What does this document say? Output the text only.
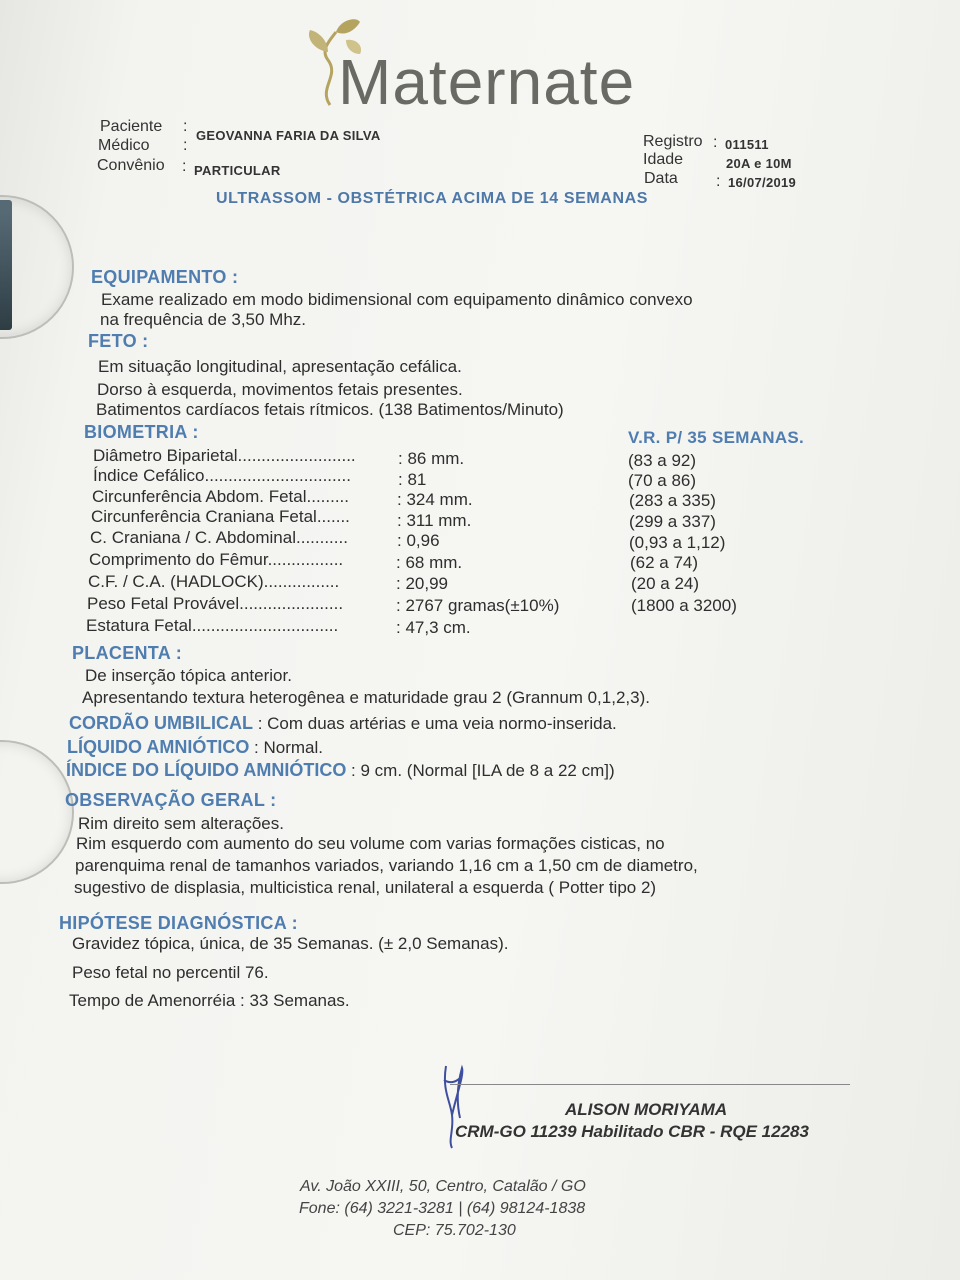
Maternate
Paciente :
GEOVANNA FARIA DA SILVA
Médico :
Convênio : PARTICULAR
Registro : 011511
Idade	20A e 10M
Data : 16/07/2019
ULTRASSOM - OBSTÉTRICA ACIMA DE 14 SEMANAS
EQUIPAMENTO :
Exame realizado em modo bidimensional com equipamento dinâmico convexo
na frequência de 3,50 Mhz.
FETO :
Em situação longitudinal, apresentação cefálica.
Dorso à esquerda, movimentos fetais presentes.
Batimentos cardíacos fetais rítmicos. (138 Batimentos/Minuto)
BIOMETRIA :	V.R. P/ 35 SEMANAS.
Diâmetro Biparietal......................... : 86 mm.	(83 a 92)
Índice Cefálico...............................	: 81	(70 a 86)
Circunferência Abdom. Fetal.........	: 324 mm.	(283 a 335)
Circunferência Craniana Fetal.......	: 311 mm.	(299 a 337)
C. Craniana / C. Abdominal...........	: 0,96	(0,93 a 1,12)
Comprimento do Fêmur................	: 68 mm.	(62 a 74)
C.F. / C.A. (HADLOCK)................	: 20,99	(20 a 24)
Peso Fetal Provável......................	: 2767 gramas(±10%)	(1800 a 3200)
Estatura Fetal...............................	: 47,3 cm.
PLACENTA :
De inserção tópica anterior.
Apresentando textura heterogênea e maturidade grau 2 (Grannum 0,1,2,3).
CORDÃO UMBILICAL : Com duas artérias e uma veia normo-inserida.
LÍQUIDO AMNIÓTICO : Normal.
ÍNDICE DO LÍQUIDO AMNIÓTICO : 9 cm. (Normal [ILA de 8 a 22 cm])
OBSERVAÇÃO GERAL :
Rim direito sem alterações.
Rim esquerdo com aumento do seu volume com varias formações cisticas, no
parenquima renal de tamanhos variados, variando 1,16 cm a 1,50 cm de diametro,
sugestivo de displasia, multicistica renal, unilateral a esquerda ( Potter tipo 2)
HIPÓTESE DIAGNÓSTICA :
Gravidez tópica, única, de 35 Semanas. (± 2,0 Semanas).
Peso fetal no percentil 76.
Tempo de Amenorréia : 33 Semanas.
ALISON MORIYAMA
CRM-GO 11239 Habilitado CBR - RQE 12283
Av. João XXIII, 50, Centro, Catalão / GO
Fone: (64) 3221-3281 | (64) 98124-1838
CEP: 75.702-130
